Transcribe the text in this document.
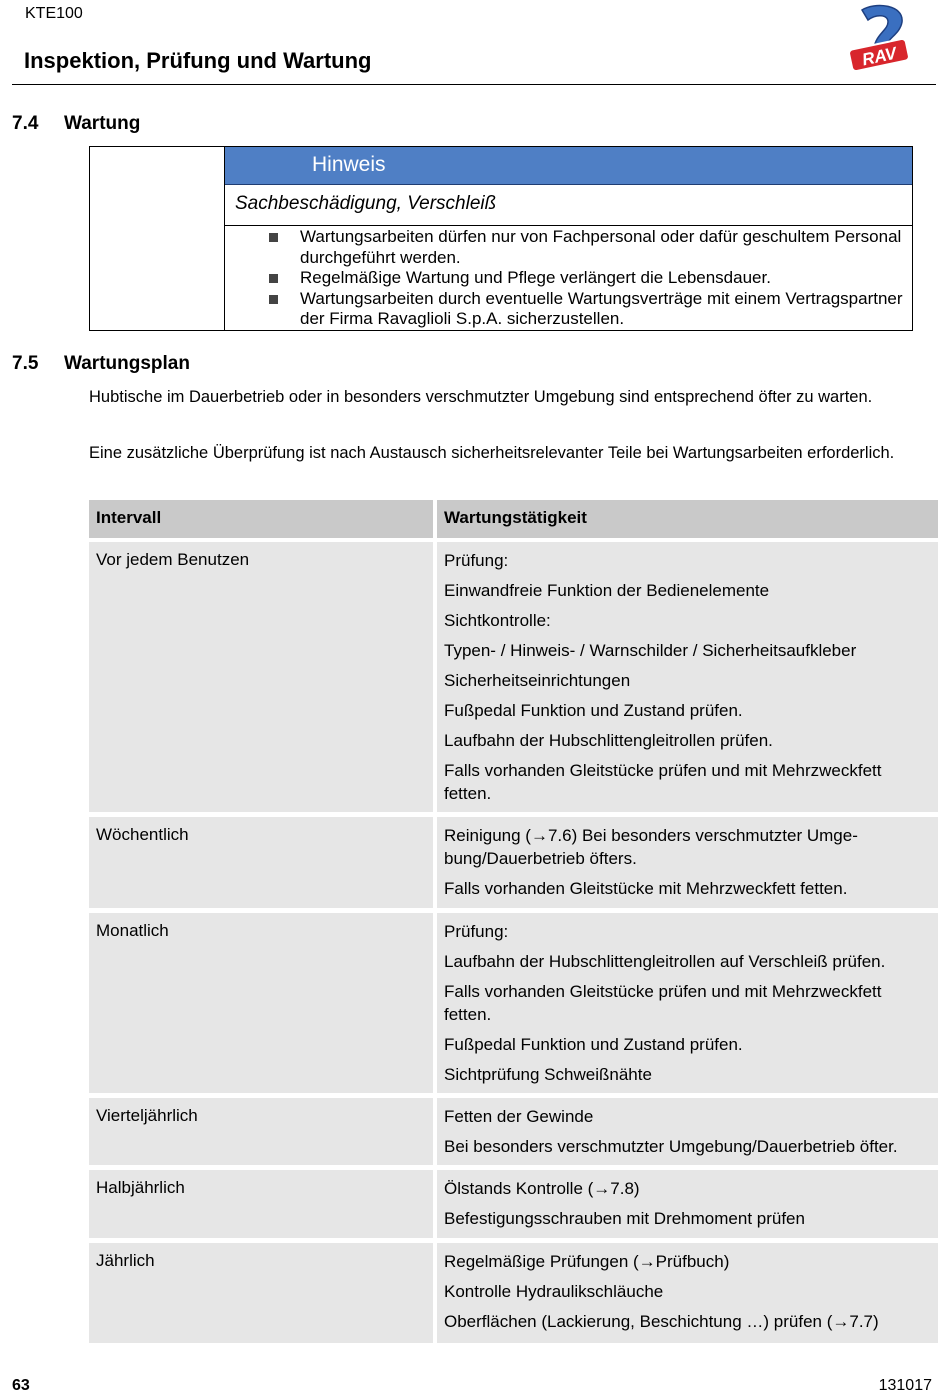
KTE100
Inspektion, Prüfung und Wartung	RAV
7.4 Wartung
Hinweis
Sachbeschädigung, Verschleiß
Wartungsarbeiten dürfen nur von Fachpersonal oder dafür geschultem Personal durchgeführt werden.
Regelmäßige Wartung und Pflege verlängert die Lebensdauer.
Wartungsarbeiten durch eventuelle Wartungsverträge mit einem Vertragspartner der Firma Ravaglioli S.p.A. sicherzustellen.
7.5 Wartungsplan
Hubtische im Dauerbetrieb oder in besonders verschmutzter Umgebung sind entsprechend öfter zu warten.
Eine zusätzliche Überprüfung ist nach Austausch sicherheitsrelevanter Teile bei Wartungsarbeiten erforderlich.
Intervall	Wartungstätigkeit
Vor jedem Benutzen	Prüfung:
Einwandfreie Funktion der Bedienelemente
Sichtkontrolle:
Typen- / Hinweis- / Warnschilder / Sicherheitsaufkleber
Sicherheitseinrichtungen
Fußpedal Funktion und Zustand prüfen.
Laufbahn der Hubschlittengleitrollen prüfen.
Falls vorhanden Gleitstücke prüfen und mit Mehrzweckfett fetten.
Wöchentlich	Reinigung (→7.6) Bei besonders verschmutzter Umgebung/Dauerbetrieb öfters.
Falls vorhanden Gleitstücke mit Mehrzweckfett fetten.
Monatlich	Prüfung:
Laufbahn der Hubschlittengleitrollen auf Verschleiß prüfen.
Falls vorhanden Gleitstücke prüfen und mit Mehrzweckfett fetten.
Fußpedal Funktion und Zustand prüfen.
Sichtprüfung Schweißnähte
Vierteljährlich	Fetten der Gewinde
Bei besonders verschmutzter Umgebung/Dauerbetrieb öfter.
Halbjährlich	Ölstands Kontrolle (→7.8)
Befestigungsschrauben mit Drehmoment prüfen
Jährlich	Regelmäßige Prüfungen (→Prüfbuch)
Kontrolle Hydraulikschläuche
Oberflächen (Lackierung, Beschichtung …) prüfen (→7.7)
63	131017
